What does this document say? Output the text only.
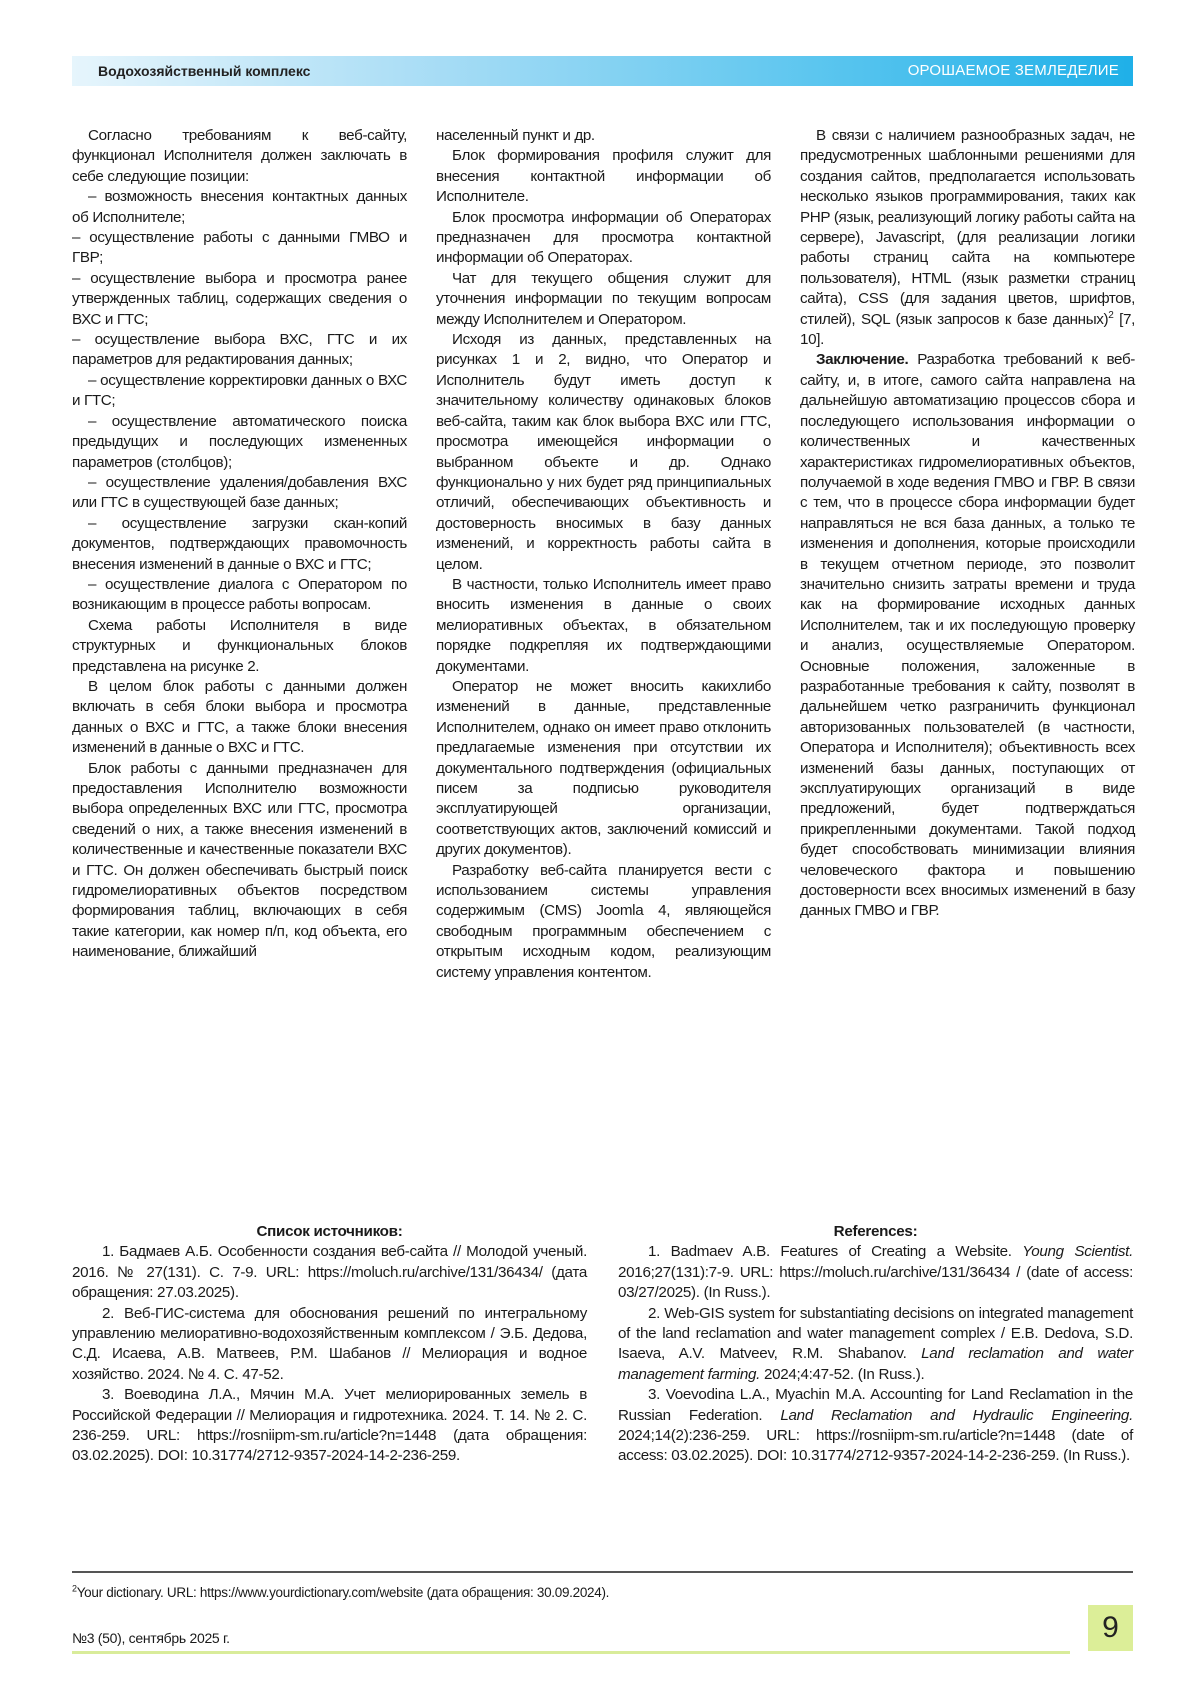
Водохозяйственный комплекс	ОРОШАЕМОЕ ЗЕМЛЕДЕЛИЕ

Согласно требованиям к веб-сайту, функционал Исполнителя должен заключать в себе следующие позиции:

– возможность внесения контактных данных об Исполнителе;

– осуществление работы с данными ГМВО и ГВР;

– осуществление выбора и просмотра ранее утвержденных таблиц, содержащих сведения о ВХС и ГТС;

– осуществление выбора ВХС, ГТС и их параметров для редактирования данных;

– осуществление корректировки данных о ВХС и ГТС;

– осуществление автоматического поиска предыдущих и последующих измененных параметров (столбцов);

– осуществление удаления/добавления ВХС или ГТС в существующей базе данных;

– осуществление загрузки скан-копий документов, подтверждающих правомочность внесения изменений в данные о ВХС и ГТС;

– осуществление диалога с Оператором по возникающим в процессе работы вопросам.

Схема работы Исполнителя в виде структурных и функциональных блоков представлена на рисунке 2.

В целом блок работы с данными должен включать в себя блоки выбора и просмотра данных о ВХС и ГТС, а также блоки внесения изменений в данные о ВХС и ГТС.

Блок работы с данными предназначен для предоставления Исполнителю возможности выбора определенных ВХС или ГТС, просмотра сведений о них, а также внесения изменений в количественные и качественные показатели ВХС и ГТС. Он должен обеспечивать быстрый поиск гидромелиоративных объектов посредством формирования таблиц, включающих в себя такие категории, как номер п/п, код объекта, его наименование, ближайший

населенный пункт и др.

Блок формирования профиля служит для внесения контактной информации об Исполнителе.

Блок просмотра информации об Операторах предназначен для просмотра контактной информации об Операторах.

Чат для текущего общения служит для уточнения информации по текущим вопросам между Исполнителем и Оператором.

Исходя из данных, представленных на рисунках 1 и 2, видно, что Оператор и Исполнитель будут иметь доступ к значительному количеству одинаковых блоков веб-сайта, таким как блок выбора ВХС или ГТС, просмотра имеющейся информации о выбранном объекте и др. Однако функционально у них будет ряд принципиальных отличий, обеспечивающих объективность и достоверность вносимых в базу данных изменений, и корректность работы сайта в целом.

В частности, только Исполнитель имеет право вносить изменения в данные о своих мелиоративных объектах, в обязательном порядке подкрепляя их подтверждающими документами.

Оператор не может вносить какихлибо изменений в данные, представленные Исполнителем, однако он имеет право отклонить предлагаемые изменения при отсутствии их документального подтверждения (официальных писем за подписью руководителя эксплуатирующей организации, соответствующих актов, заключений комиссий и других документов).

Разработку веб-сайта планируется вести с использованием системы управления содержимым (CMS) Joomla 4, являющейся свободным программным обеспечением с открытым исходным кодом, реализующим систему управления контентом.

В связи с наличием разнообразных задач, не предусмотренных шаблонными решениями для создания сайтов, предполагается использовать несколько языков программирования, таких как PHP (язык, реализующий логику работы сайта на сервере), Javascript, (для реализации логики работы страниц сайта на компьютере пользователя), HTML (язык разметки страниц сайта), CSS (для задания цветов, шрифтов, стилей), SQL (язык запросов к базе данных)2 [7, 10].

Заключение. Разработка требований к веб-сайту, и, в итоге, самого сайта направлена на дальнейшую автоматизацию процессов сбора и последующего использования информации о количественных и качественных характеристиках гидромелиоративных объектов, получаемой в ходе ведения ГМВО и ГВР. В связи с тем, что в процессе сбора информации будет направляться не вся база данных, а только те изменения и дополнения, которые происходили в текущем отчетном периоде, это позволит значительно снизить затраты времени и труда как на формирование исходных данных Исполнителем, так и их последующую проверку и анализ, осуществляемые Оператором. Основные положения, заложенные в разработанные требования к сайту, позволят в дальнейшем четко разграничить функционал авторизованных пользователей (в частности, Оператора и Исполнителя); объективность всех изменений базы данных, поступающих от эксплуатирующих организаций в виде предложений, будет подтверждаться прикрепленными документами. Такой подход будет способствовать минимизации влияния человеческого фактора и повышению достоверности всех вносимых изменений в базу данных ГМВО и ГВР.

Список источников:

1. Бадмаев А.Б. Особенности создания веб-сайта // Молодой ученый. 2016. № 27(131). С. 7-9. URL: https://moluch.ru/archive/131/36434/ (дата обращения: 27.03.2025).

2. Веб-ГИС-система для обоснования решений по интегральному управлению мелиоративно-водохозяйственным комплексом / Э.Б. Дедова, С.Д. Исаева, А.В. Матвеев, Р.М. Шабанов // Мелиорация и водное хозяйство. 2024. № 4. С. 47-52.

3. Воеводина Л.А., Мячин М.А. Учет мелиорированных земель в Российской Федерации // Мелиорация и гидротехника. 2024. Т. 14. № 2. С. 236-259. URL: https://rosniipm-sm.ru/article?n=1448 (дата обращения: 03.02.2025). DOI: 10.31774/2712-9357-2024-14-2-236-259.

References:

1. Badmaev A.B. Features of Creating a Website. Young Scientist. 2016;27(131):7-9. URL: https://moluch.ru/archive/131/36434 / (date of access: 03/27/2025). (In Russ.).

2. Web-GIS system for substantiating decisions on integrated management of the land reclamation and water management complex / E.B. Dedova, S.D. Isaeva, A.V. Matveev, R.M. Shabanov. Land reclamation and water management farming. 2024;4:47-52. (In Russ.).

3. Voevodina L.A., Myachin M.A. Accounting for Land Reclamation in the Russian Federation. Land Reclamation and Hydraulic Engineering. 2024;14(2):236-259. URL: https://rosniipm-sm.ru/article?n=1448 (date of access: 03.02.2025). DOI: 10.31774/2712-9357-2024-14-2-236-259. (In Russ.).

2Your dictionary. URL: https://www.yourdictionary.com/website (дата обращения: 30.09.2024).
№3 (50), сентябрь 2025 г.	9
